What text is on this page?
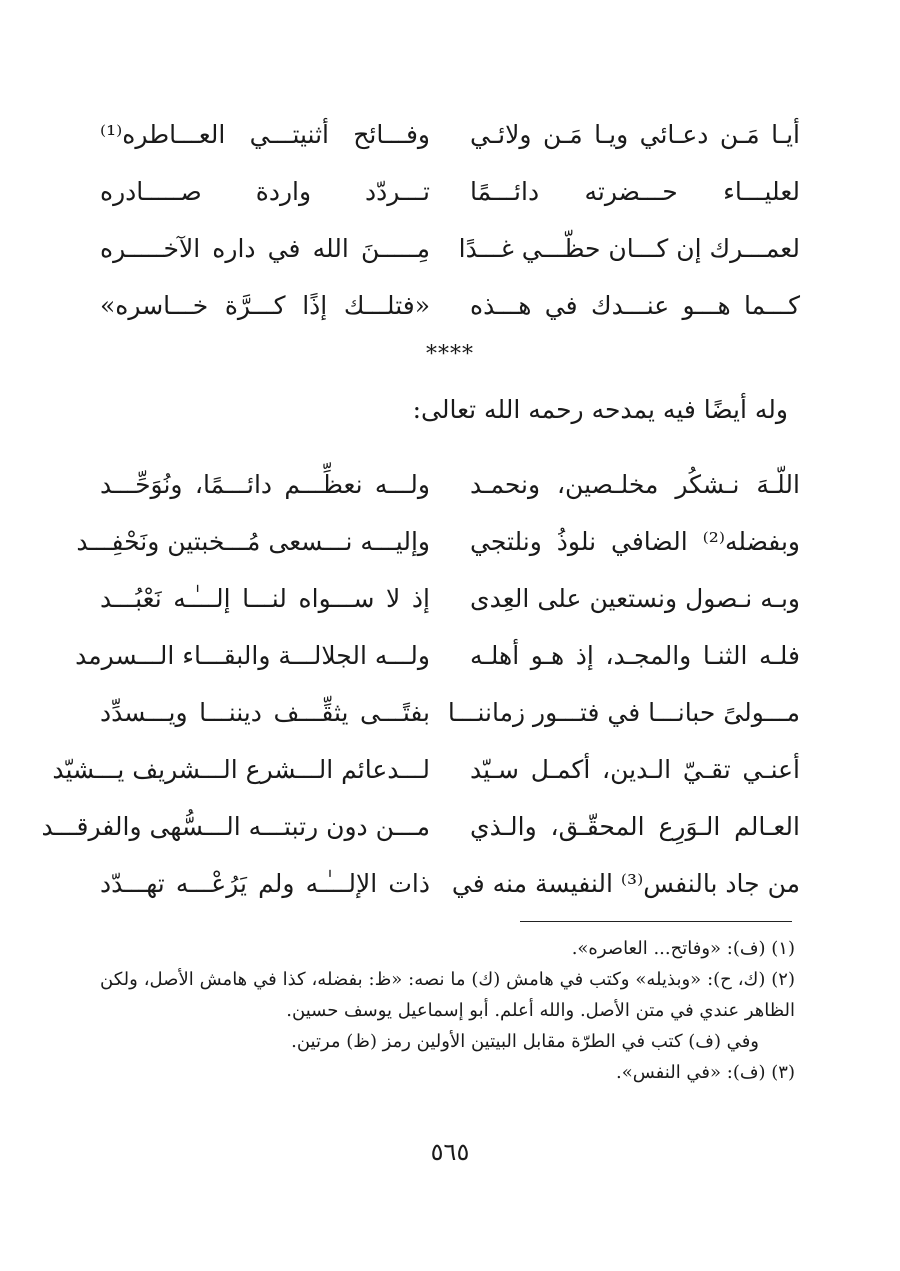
أيـا مَـن دعـائي ويـا مَـن ولائـي
وفـــائح أثنيتـــي العـــاطره⁽¹⁾
لعليـــاء حـــضرته دائـــمًا
تـــردّد واردة صـــــادره
لعمـــرك إن كـــان حظّـــي غـــدًا
مِـــــنَ الله في داره الآخـــــره
كـــما هـــو عنـــدك في هـــذه
«فتلـــك إذًا كـــرَّة خـــاسره»
****
وله أيضًا فيه يمدحه رحمه الله تعالى:
اللّـهَ نـشكُر مخلـصين، ونحمـد
ولـــه نعظِّـــم دائـــمًا، ونُوَحِّـــد
وبفضله⁽²⁾ الضافي نلوذُ ونلتجي
وإليـــه نـــسعى مُـــخبتين ونَحْفِـــد
وبـه نـصول ونستعين على العِدى
إذ لا ســـواه لنـــا إلـــٰـه نَعْبُـــد
فلـه الثنـا والمجـد، إذ هـو أهلـه
ولـــه الجلالـــة والبقـــاء الـــسرمد
مـــولىً حبانـــا في فتـــور زماننـــا
بفتًـــى يثقِّـــف ديننـــا ويـــسدِّد
أعنـي تقـيّ الـدين، أكمـل سـيّد
لـــدعائم الـــشرع الـــشريف يـــشيّد
العـالم الـوَرِع المحقّـق، والـذي
مـــن دون رتبتـــه الـــسُّهى والفرقـــد
من جاد بالنفس⁽³⁾ النفيسة منه في
ذات الإلـــٰـه ولم يَرُعْـــه تهـــدّد

(١) (ف): «وفاتح... العاصره».

(٢) (ك، ح): «وبذيله» وكتب في هامش (ك) ما نصه: «ظ: بفضله، كذا في هامش الأصل، ولكن الظاهر عندي في متن الأصل. والله أعلم. أبو إسماعيل يوسف حسين.

وفي (ف) كتب في الطرّة مقابل البيتين الأولين رمز (ظ) مرتين.

(٣) (ف): «في النفس».

٥٦٥
